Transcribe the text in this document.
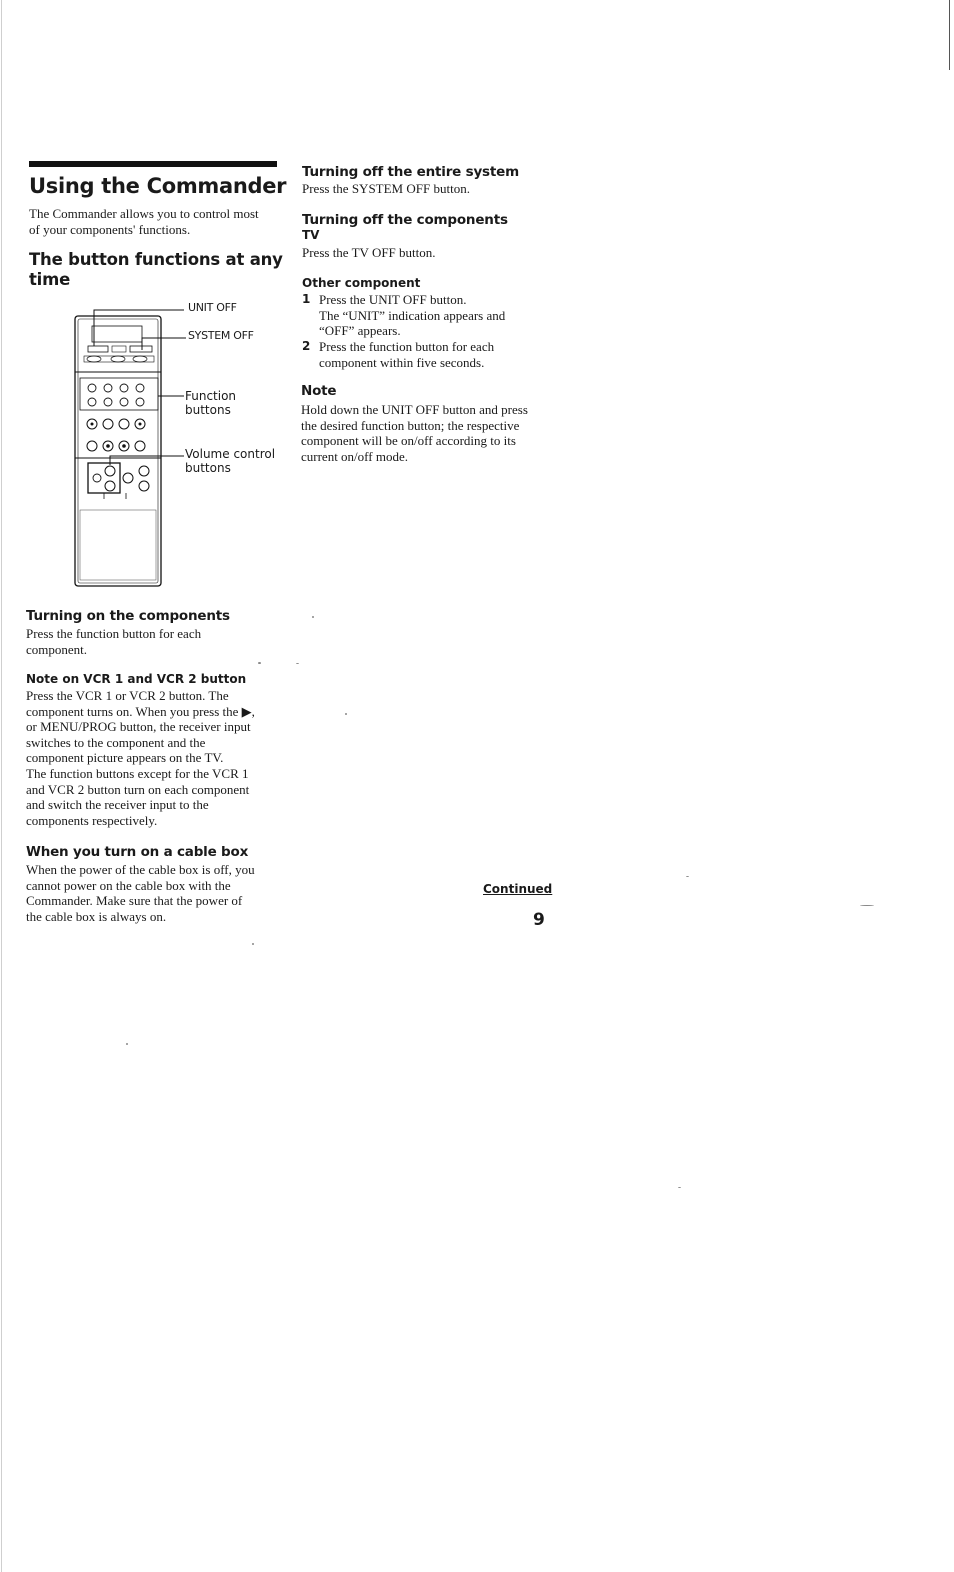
Using the Commander
The Commander allows you to control most
of your components' functions.
The button functions at any
time
UNIT OFF
SYSTEM OFF
Function
buttons
Volume control
buttons
Turning on the components
Press the function button for each
component.
Note on VCR 1 and VCR 2 button
Press the VCR 1 or VCR 2 button. The
component turns on. When you press the ▶,
or MENU/PROG button, the receiver input
switches to the component and the
component picture appears on the TV.
The function buttons except for the VCR 1
and VCR 2 button turn on each component
and switch the receiver input to the
components respectively.
When you turn on a cable box
When the power of the cable box is off, you
cannot power on the cable box with the
Commander. Make sure that the power of
the cable box is always on.
Turning off the entire system
Press the SYSTEM OFF button.
Turning off the components
TV
Press the TV OFF button.
Other component
1 Press the UNIT OFF button.
The “UNIT” indication appears and
“OFF” appears.
2 Press the function button for each
component within five seconds.
Note
Hold down the UNIT OFF button and press
the desired function button; the respective
component will be on/off according to its
current on/off mode.
Continued
9
